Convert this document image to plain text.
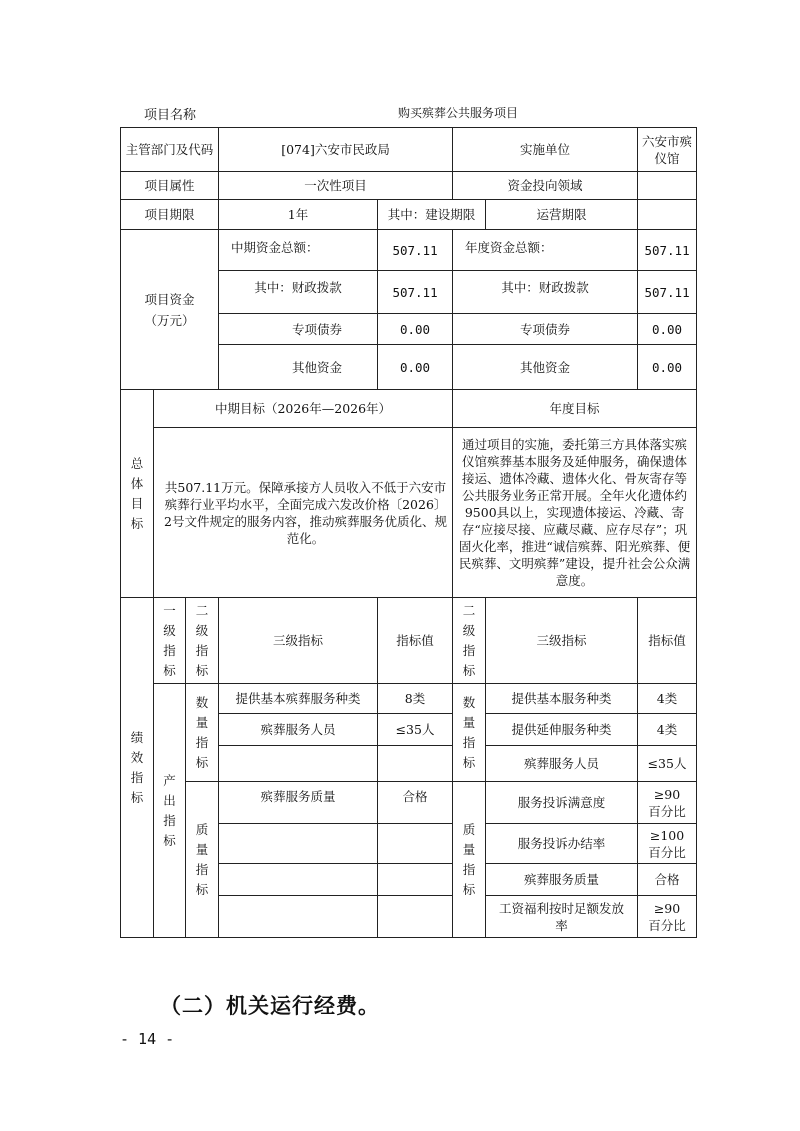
项目名称	购买殡葬公共服务项目
主管部门及代码			[074]六安市民政局		实施单位		六安市殡仪馆
项目属性			一次性项目		资金投向领域		
项目期限			1年	其中：建设期限		运营期限	
项目资金（万元）			中期资金总额：	507.11	年度资金总额：		507.11
			其中：财政拨款	507.11	其中：财政拨款		507.11
			专项债券	0.00	专项债券		0.00
			其他资金	0.00	其他资金		0.00
总体目标	中期目标（2026年—2026年）				年度目标		
	共507.11万元。保障承接方人员收入不低于六安市殡葬行业平均水平，全面完成六发改价格〔2026〕2号文件规定的服务内容，推动殡葬服务优质化、规范化。				通过项目的实施，委托第三方具体落实殡仪馆殡葬基本服务及延伸服务，确保遗体接运、遗体冷藏、遗体火化、骨灰寄存等公共服务业务正常开展。全年火化遗体约9500具以上，实现遗体接运、冷藏、寄存“应接尽接、应藏尽藏、应存尽存”；巩固火化率，推进“诚信殡葬、阳光殡葬、便民殡葬、文明殡葬”建设，提升社会公众满意度。		
绩效指标	一级指标	二级指标	三级指标	指标值	二级指标	三级指标	指标值
	产出指标	数量指标	提供基本殡葬服务种类	8类	数量指标	提供基本服务种类	4类
			殡葬服务人员	≤35人		提供延伸服务种类	4类
						殡葬服务人员	≤35人
		质量指标	殡葬服务质量	合格	质量指标	服务投诉满意度	≥90百分比
						服务投诉办结率	≥100百分比
						殡葬服务质量	合格
						工资福利按时足额发放率	≥90百分比
（二）机关运行经费。
- 14 -
